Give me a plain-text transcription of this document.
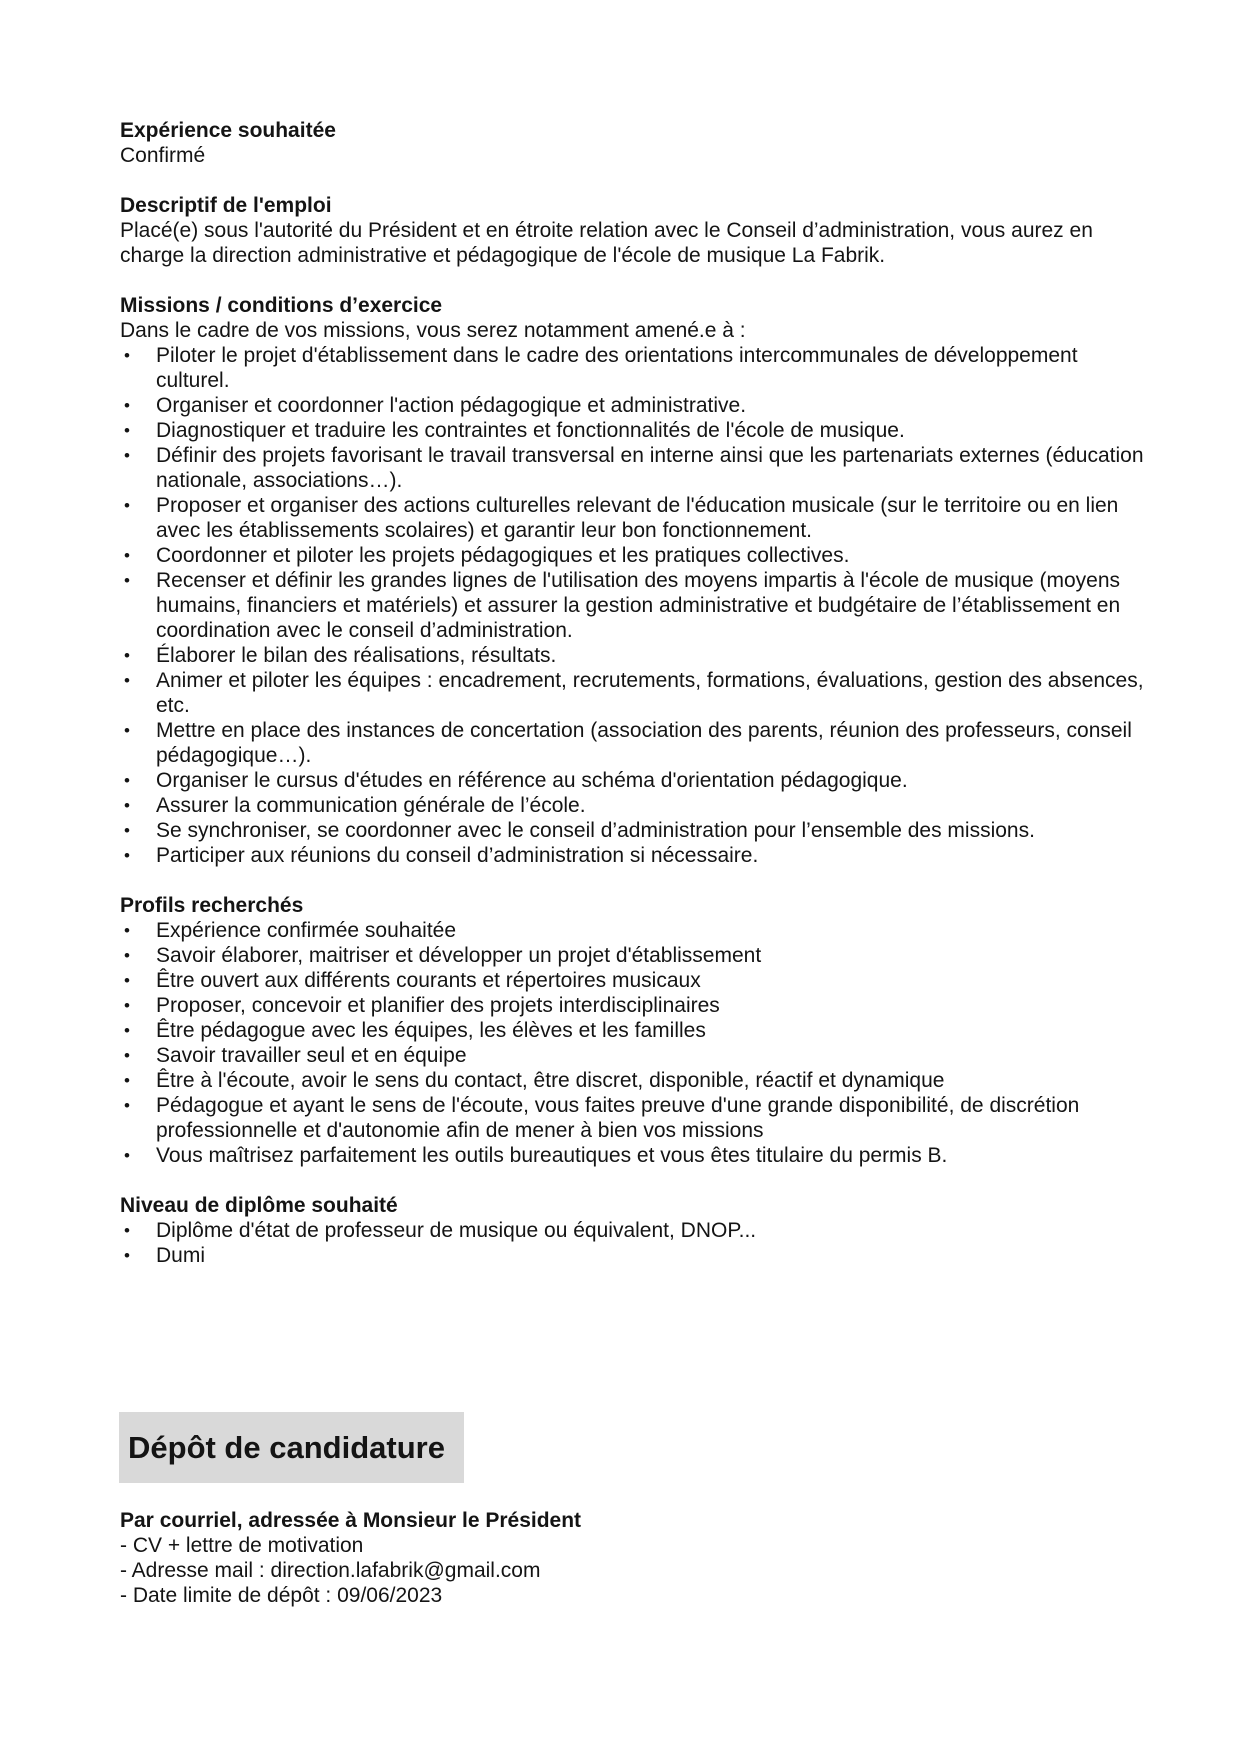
Expérience souhaitée

Confirmé

Descriptif de l'emploi

Placé(e) sous l'autorité du Président et en étroite relation avec le Conseil d’administration, vous aurez en charge la direction administrative et pédagogique de l'école de musique La Fabrik.

Missions / conditions d’exercice

Dans le cadre de vos missions, vous serez notamment amené.e à :

• Piloter le projet d'établissement dans le cadre des orientations intercommunales de développement culturel.
• Organiser et coordonner l'action pédagogique et administrative.
• Diagnostiquer et traduire les contraintes et fonctionnalités de l'école de musique.
• Définir des projets favorisant le travail transversal en interne ainsi que les partenariats externes (éducation nationale, associations…).
• Proposer et organiser des actions culturelles relevant de l'éducation musicale (sur le territoire ou en lien avec les établissements scolaires) et garantir leur bon fonctionnement.
• Coordonner et piloter les projets pédagogiques et les pratiques collectives.
• Recenser et définir les grandes lignes de l'utilisation des moyens impartis à l'école de musique (moyens humains, financiers et matériels) et assurer la gestion administrative et budgétaire de l’établissement en coordination avec le conseil d’administration.
• Élaborer le bilan des réalisations, résultats.
• Animer et piloter les équipes : encadrement, recrutements, formations, évaluations, gestion des absences, etc.
• Mettre en place des instances de concertation (association des parents, réunion des professeurs, conseil pédagogique…).
• Organiser le cursus d'études en référence au schéma d'orientation pédagogique.
• Assurer la communication générale de l’école.
• Se synchroniser, se coordonner avec le conseil d’administration pour l’ensemble des missions.
• Participer aux réunions du conseil d’administration si nécessaire.

Profils recherchés

• Expérience confirmée souhaitée
• Savoir élaborer, maitriser et développer un projet d'établissement
• Être ouvert aux différents courants et répertoires musicaux
• Proposer, concevoir et planifier des projets interdisciplinaires
• Être pédagogue avec les équipes, les élèves et les familles
• Savoir travailler seul et en équipe
• Être à l'écoute, avoir le sens du contact, être discret, disponible, réactif et dynamique
• Pédagogue et ayant le sens de l'écoute, vous faites preuve d'une grande disponibilité, de discrétion professionnelle et d'autonomie afin de mener à bien vos missions
• Vous maîtrisez parfaitement les outils bureautiques et vous êtes titulaire du permis B.

Niveau de diplôme souhaité

• Diplôme d'état de professeur de musique ou équivalent, DNOP...
• Dumi
Dépôt de candidature

Par courriel, adressée à Monsieur le Président

- CV + lettre de motivation

- Adresse mail : direction.lafabrik@gmail.com

- Date limite de dépôt : 09/06/2023
